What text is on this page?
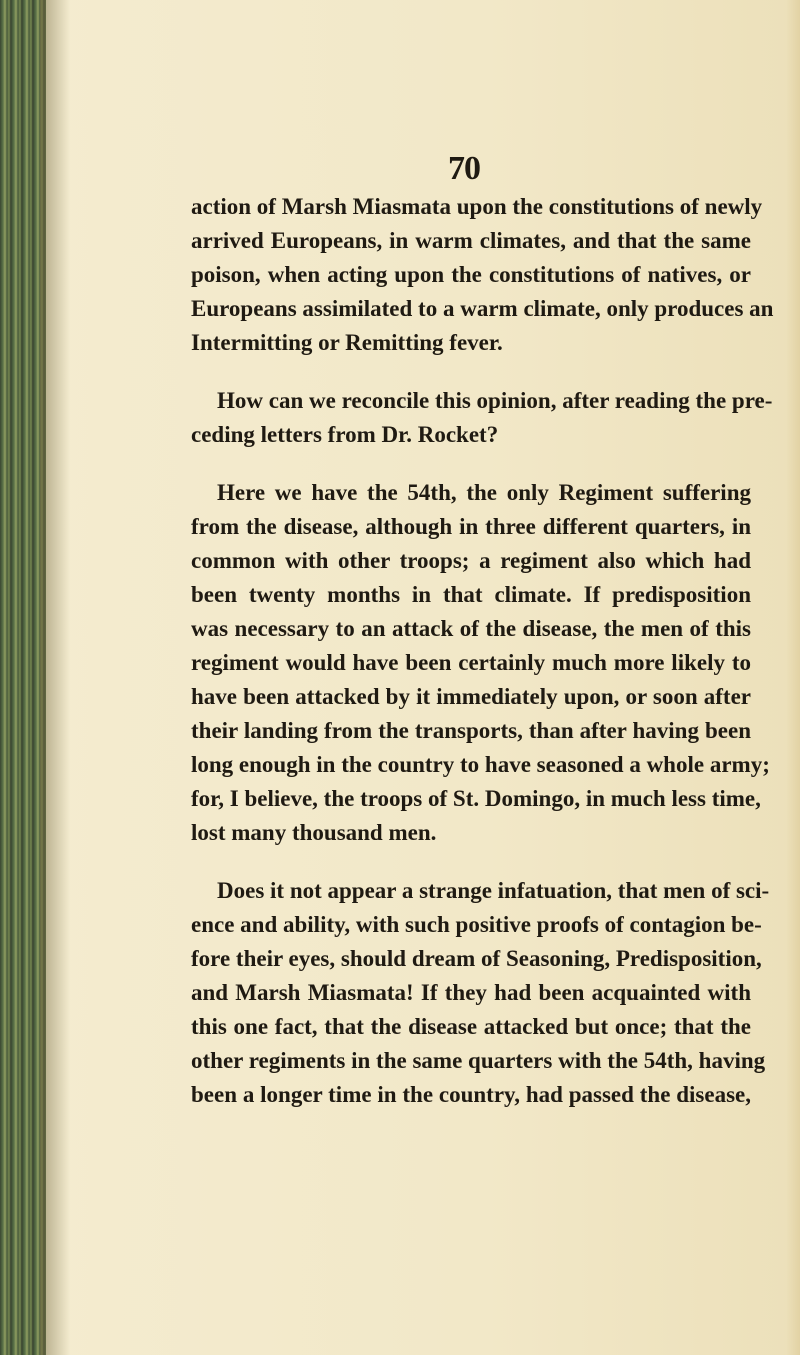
70
action of Marsh Miasmata upon the constitutions of newly
arrived Europeans, in warm climates, and that the same
poison, when acting upon the constitutions of natives, or
Europeans assimilated to a warm climate, only produces an
Intermitting or Remitting fever.
How can we reconcile this opinion, after reading the pre-
ceding letters from Dr. Rocket?
Here we have the 54th, the only Regiment suffering
from the disease, although in three different quarters, in
common with other troops; a regiment also which had
been twenty months in that climate. If predisposition
was necessary to an attack of the disease, the men of this
regiment would have been certainly much more likely to
have been attacked by it immediately upon, or soon after
their landing from the transports, than after having been
long enough in the country to have seasoned a whole army;
for, I believe, the troops of St. Domingo, in much less time,
lost many thousand men.
Does it not appear a strange infatuation, that men of sci-
ence and ability, with such positive proofs of contagion be-
fore their eyes, should dream of Seasoning, Predisposition,
and Marsh Miasmata! If they had been acquainted with
this one fact, that the disease attacked but once; that the
other regiments in the same quarters with the 54th, having
been a longer time in the country, had passed the disease,
